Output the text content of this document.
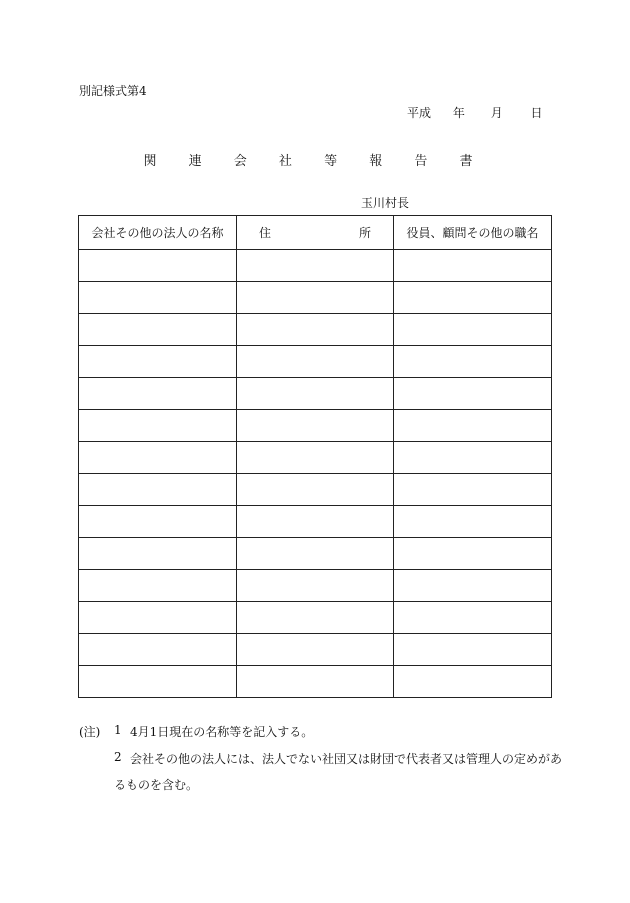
別記様式第4
平成 年 月 日
関 連 会 社 等 報 告 書
玉川村長
会社その他の法人の名称	住 所	役員、顧問その他の職名

(注) 1 4月1日現在の名称等を記入する。
2 会社その他の法人には、法人でない社団又は財団で代表者又は管理人の定めがあ
るものを含む。
